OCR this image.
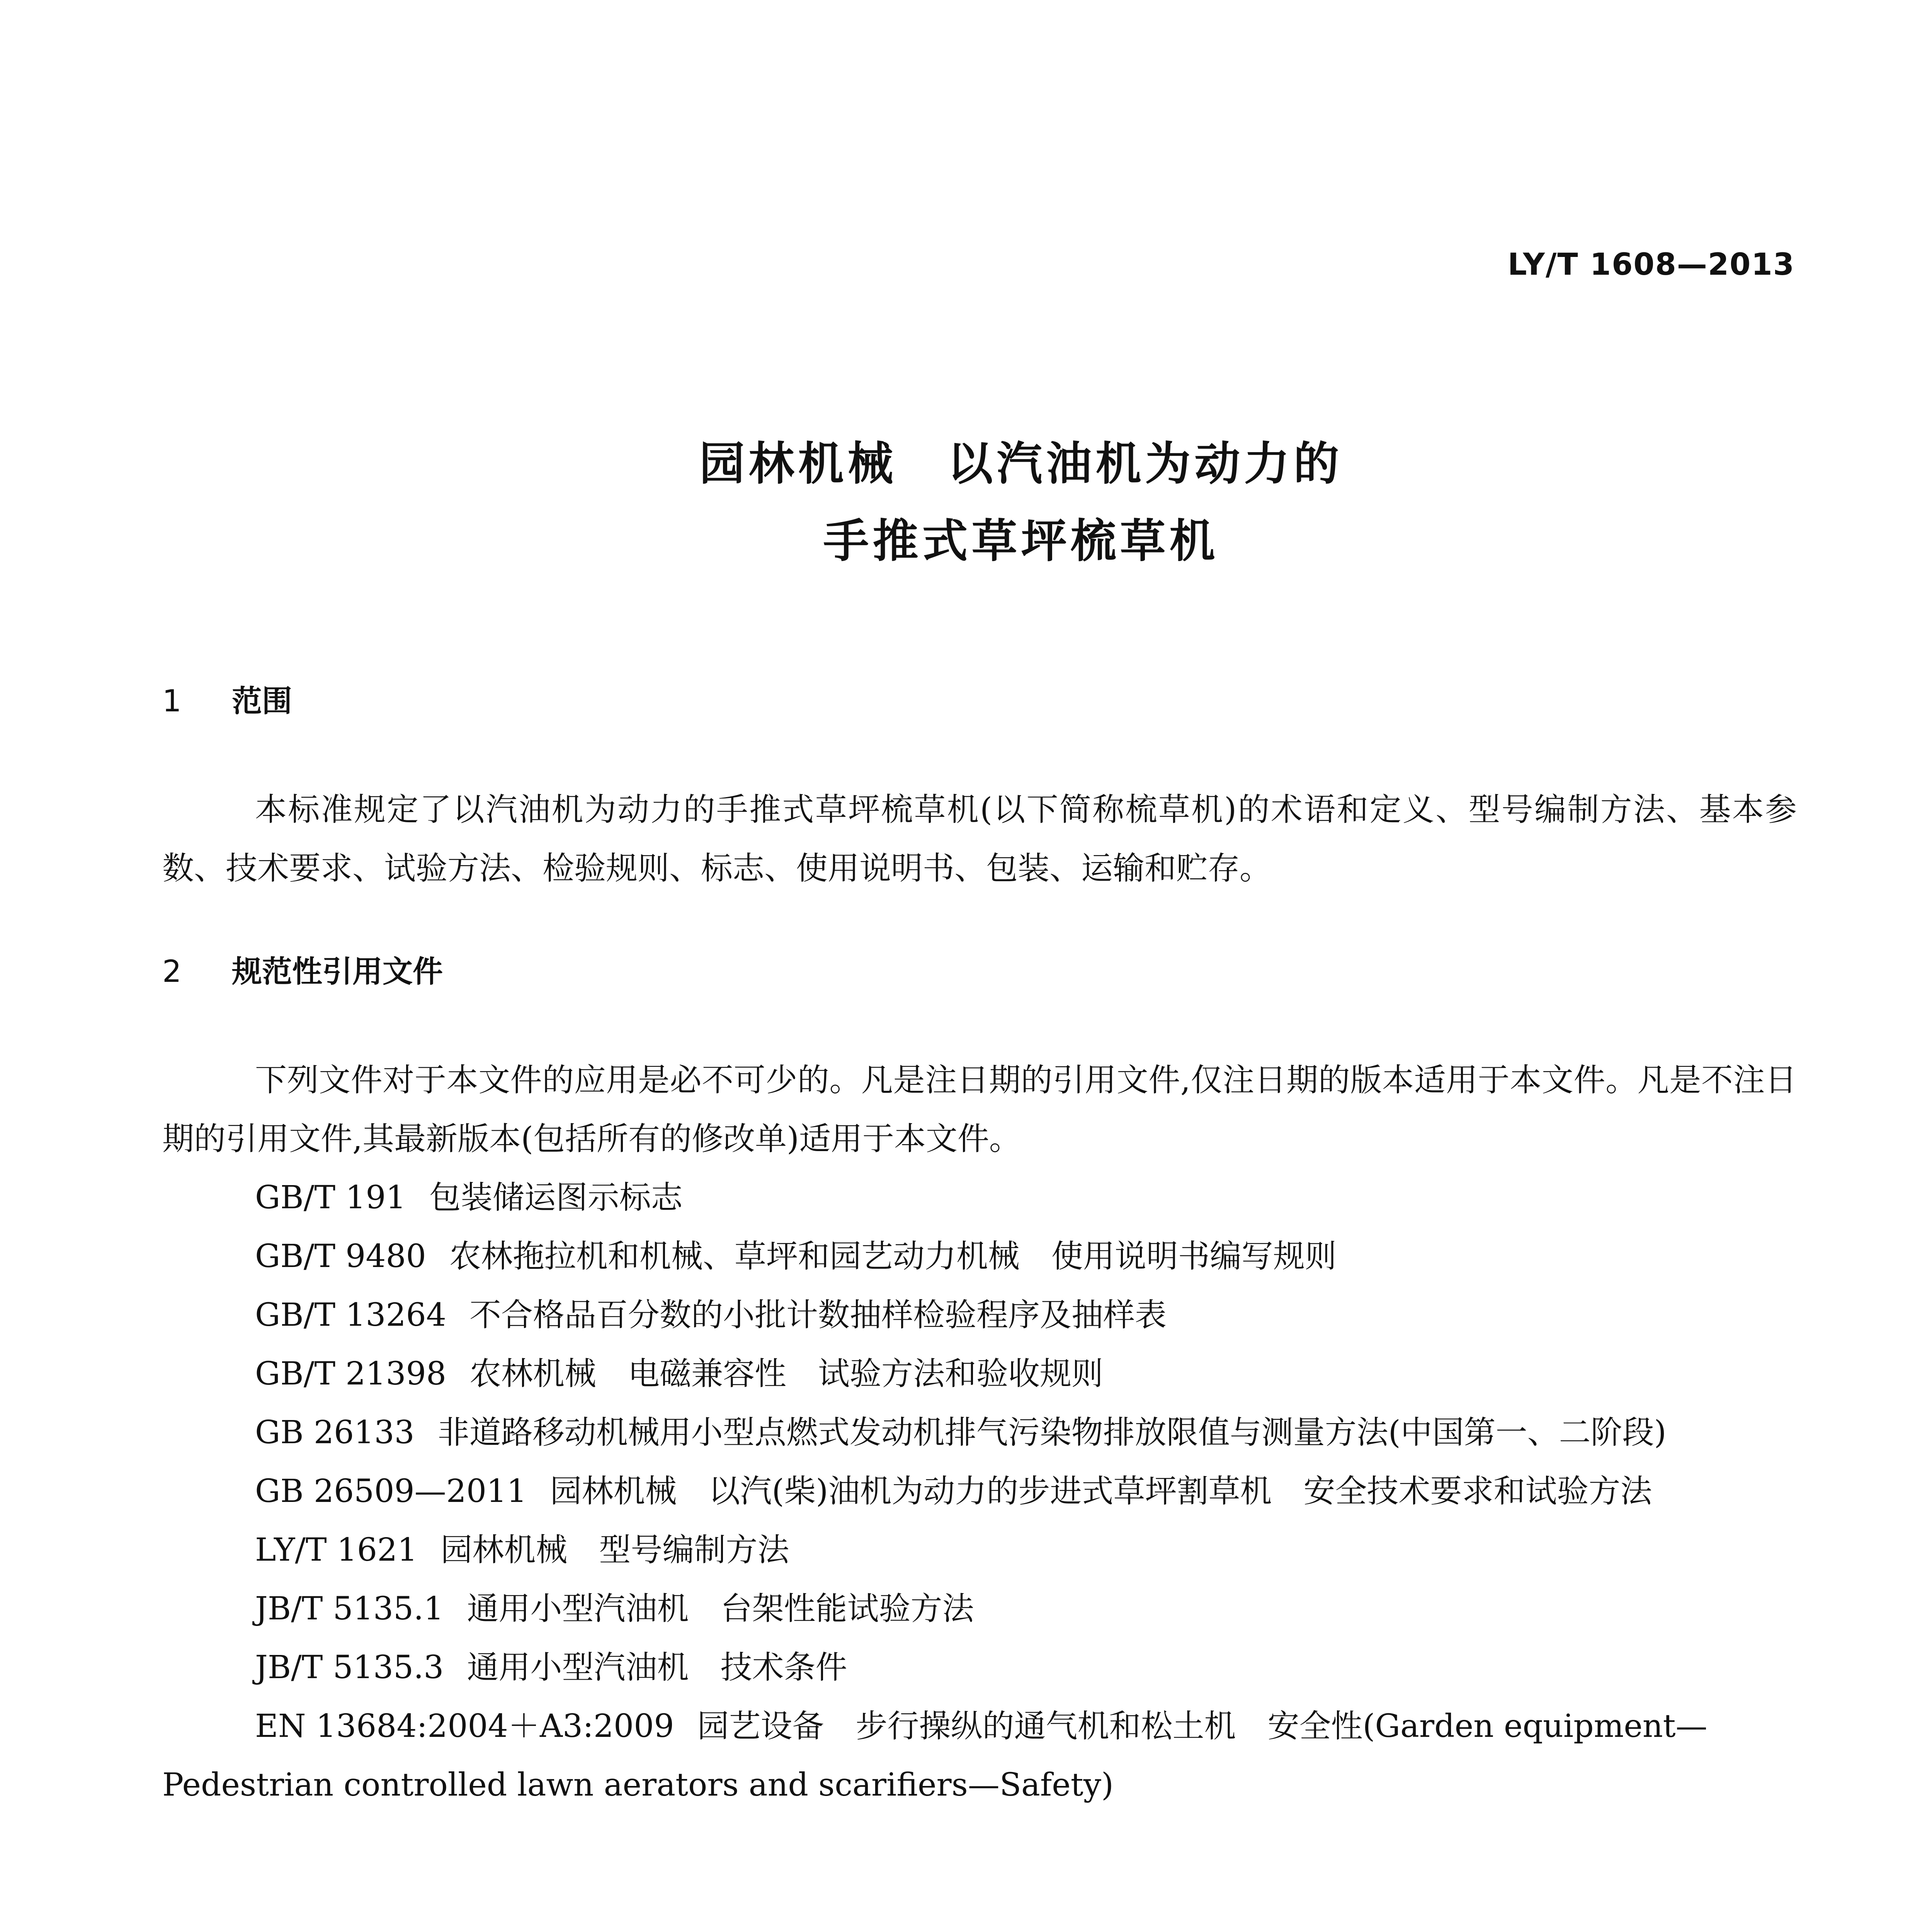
LY/T 1608—2013
园林机械 以汽油机为动力的
手推式草坪梳草机
1 范围

本标准规定了以汽油机为动力的手推式草坪梳草机(以下简称梳草机)的术语和定义、型号编制方法、基本参数、技术要求、试验方法、检验规则、标志、使用说明书、包装、运输和贮存。

2 规范性引用文件

下列文件对于本文件的应用是必不可少的。凡是注日期的引用文件,仅注日期的版本适用于本文件。凡是不注日期的引用文件,其最新版本(包括所有的修改单)适用于本文件。

GB/T 191 包装储运图示标志
GB/T 9480 农林拖拉机和机械、草坪和园艺动力机械　使用说明书编写规则
GB/T 13264 不合格品百分数的小批计数抽样检验程序及抽样表
GB/T 21398 农林机械　电磁兼容性　试验方法和验收规则

GB 26133 非道路移动机械用小型点燃式发动机排气污染物排放限值与测量方法(中国第一、二阶段)

GB 26509—2011 园林机械　以汽(柴)油机为动力的步进式草坪割草机　安全技术要求和试验方法

LY/T 1621 园林机械　型号编制方法
JB/T 5135.1 通用小型汽油机　台架性能试验方法
JB/T 5135.3 通用小型汽油机　技术条件

EN 13684:2004＋A3:2009 园艺设备　步行操纵的通气机和松土机　安全性(Garden equipment—Pedestrian controlled lawn aerators and scarifiers—Safety)
